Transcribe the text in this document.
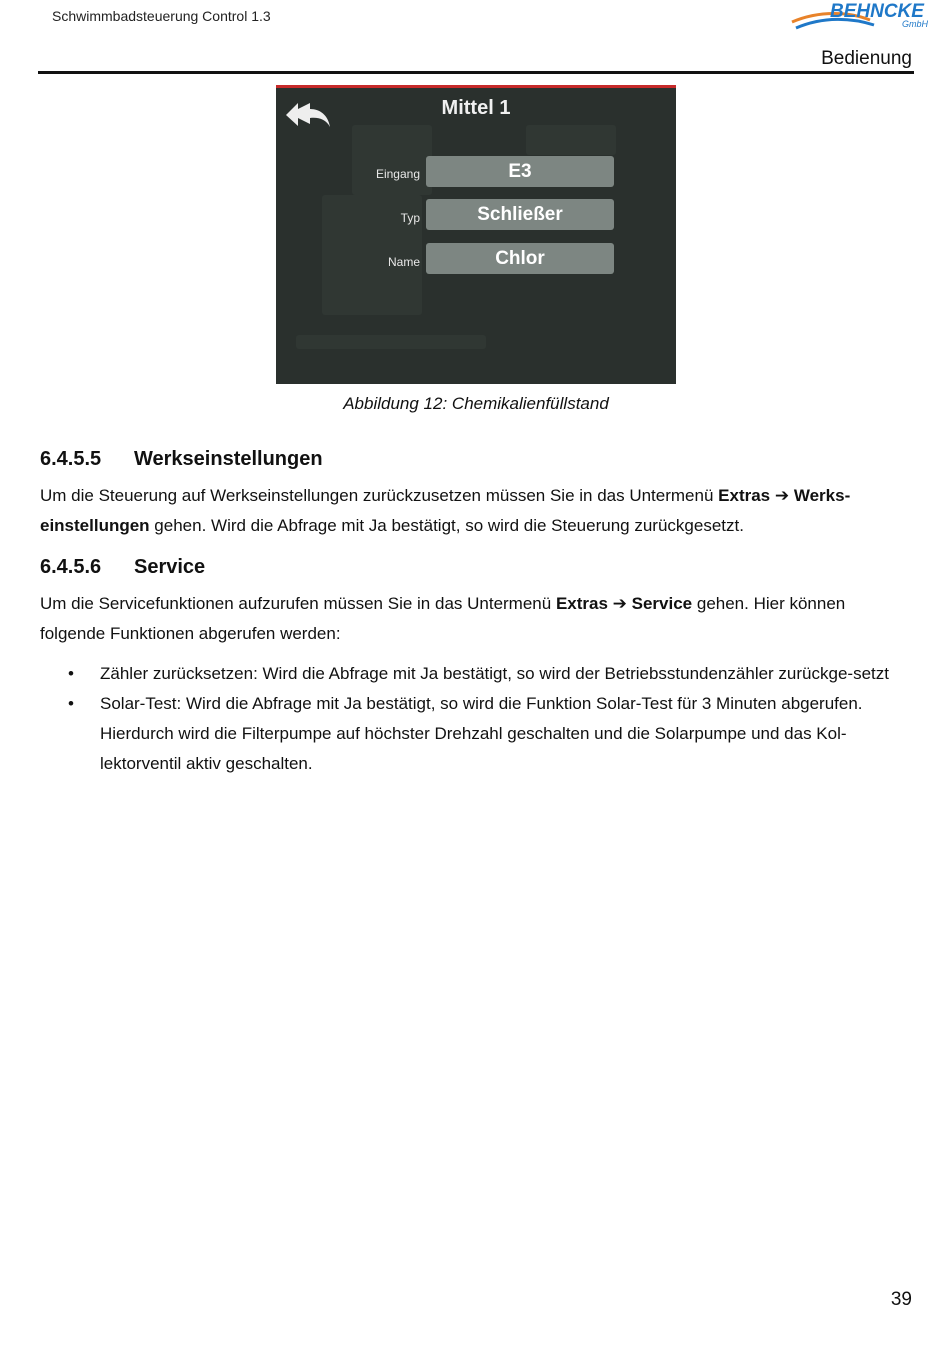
Schwimmbadsteuerung Control 1.3	BEHNCKE
GmbH
Bedienung
Mittel 1
Eingang	E3
Typ	Schließer
Name	Chlor
Abbildung 12: Chemikalienfüllstand
6.4.5.5 Werkseinstellungen
Um die Steuerung auf Werkseinstellungen zurückzusetzen müssen Sie in das Untermenü Extras ➔ Werks-einstellungen gehen. Wird die Abfrage mit Ja bestätigt, so wird die Steuerung zurückgesetzt.
6.4.5.6 Service
Um die Servicefunktionen aufzurufen müssen Sie in das Untermenü Extras ➔ Service gehen. Hier können folgende Funktionen abgerufen werden:
• Zähler zurücksetzen: Wird die Abfrage mit Ja bestätigt, so wird der Betriebsstundenzähler zurückge-setzt
• Solar-Test: Wird die Abfrage mit Ja bestätigt, so wird die Funktion Solar-Test für 3 Minuten abgerufen. Hierdurch wird die Filterpumpe auf höchster Drehzahl geschalten und die Solarpumpe und das Kol-lektorventil aktiv geschalten.
39
